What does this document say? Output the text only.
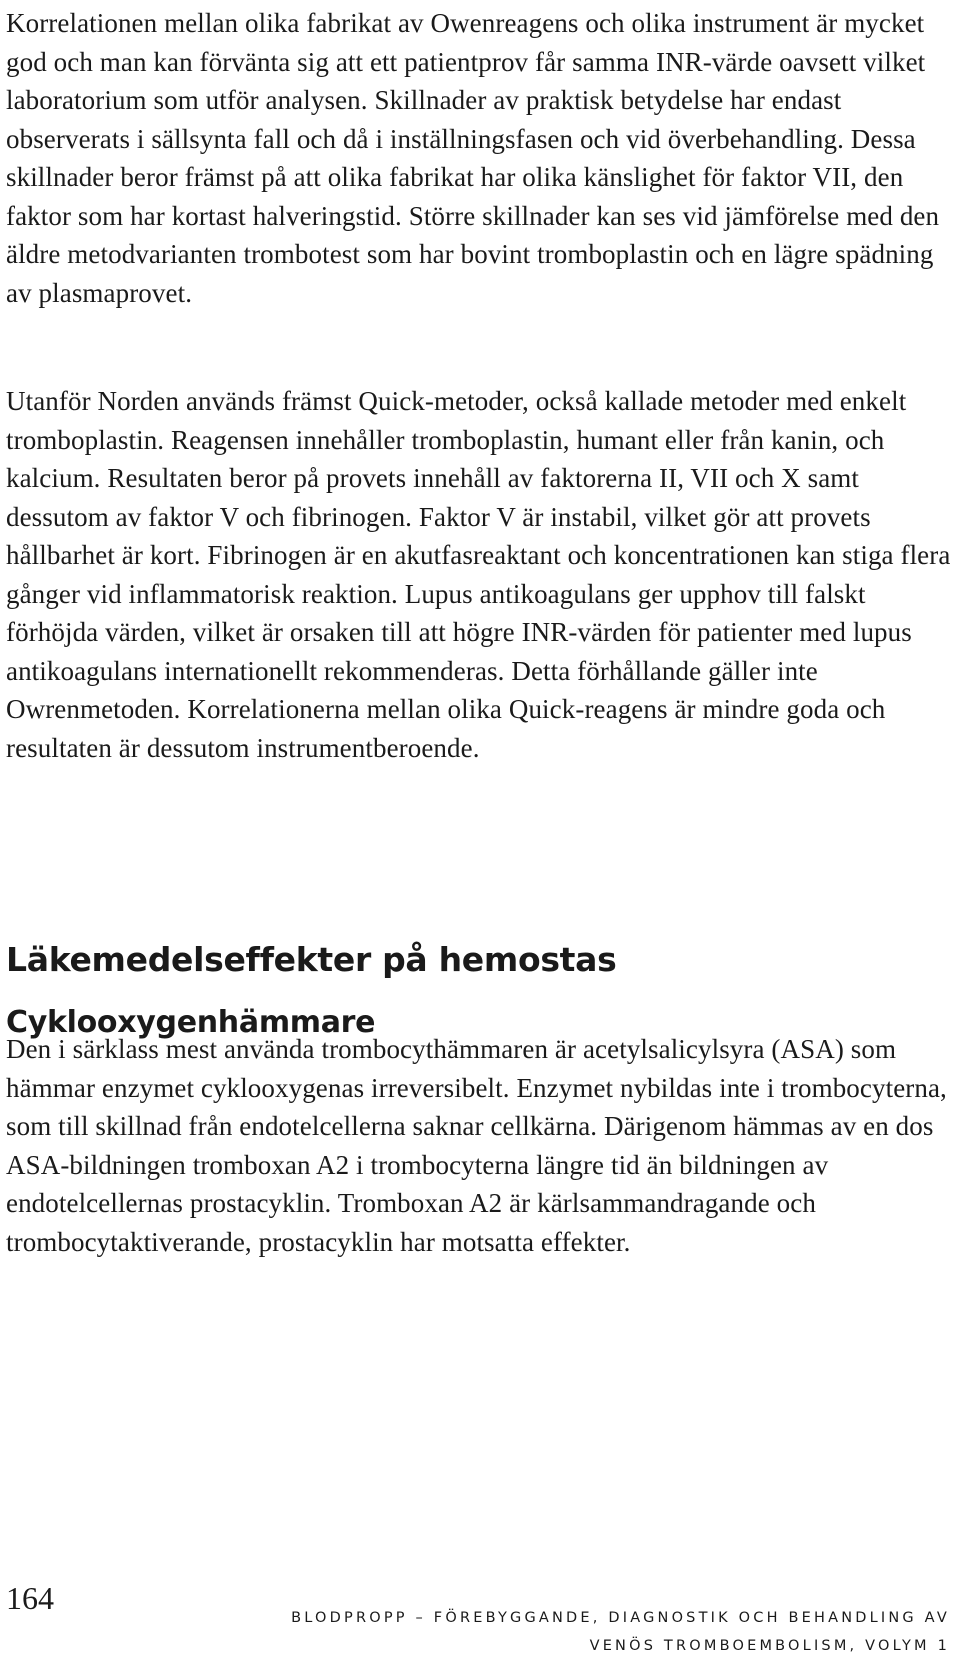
Korrelationen mellan olika fabrikat av Owenreagens och olika instrument är mycket god och man kan förvänta sig att ett patientprov får samma INR-värde oavsett vilket laboratorium som utför analysen. Skillnader av praktisk betydelse har endast observerats i sällsynta fall och då i inställningsfasen och vid överbehandling. Dessa skillnader beror främst på att olika fabrikat har olika känslighet för faktor VII, den faktor som har kortast halveringstid. Större skillnader kan ses vid jämförelse med den äldre metodvarianten trombotest som har bovint tromboplastin och en lägre spädning av plasmaprovet.

Utanför Norden används främst Quick-metoder, också kallade metoder med enkelt tromboplastin. Reagensen innehåller tromboplastin, humant eller från kanin, och kalcium. Resultaten beror på provets innehåll av faktorerna II, VII och X samt dessutom av faktor V och fibrinogen. Faktor V är instabil, vilket gör att provets hållbarhet är kort. Fibrinogen är en akutfasreaktant och koncentrationen kan stiga flera gånger vid inflammatorisk reaktion. Lupus antikoagulans ger upphov till falskt förhöjda värden, vilket är orsaken till att högre INR-värden för patienter med lupus antikoagulans internationellt rekommenderas. Detta förhållande gäller inte Owrenmetoden. Korrelationerna mellan olika Quick-reagens är mindre goda och resultaten är dessutom instrumentberoende.

Läkemedelseffekter på hemostas
Cyklooxygenhämmare

Den i särklass mest använda trombocythämmaren är acetylsalicylsyra (ASA) som hämmar enzymet cyklooxygenas irreversibelt. Enzymet nybildas inte i trombocyterna, som till skillnad från endotelcellerna saknar cellkärna. Därigenom hämmas av en dos ASA-bildningen tromboxan A2 i trombocyterna längre tid än bildningen av endotelcellernas prostacyklin. Tromboxan A2 är kärlsammandragande och trombocytaktiverande, prostacyklin har motsatta effekter.

164
BLODPROPP – FÖREBYGGANDE, DIAGNOSTIK OCH BEHANDLING AV
VENÖS TROMBOEMBOLISM, VOLYM 1
